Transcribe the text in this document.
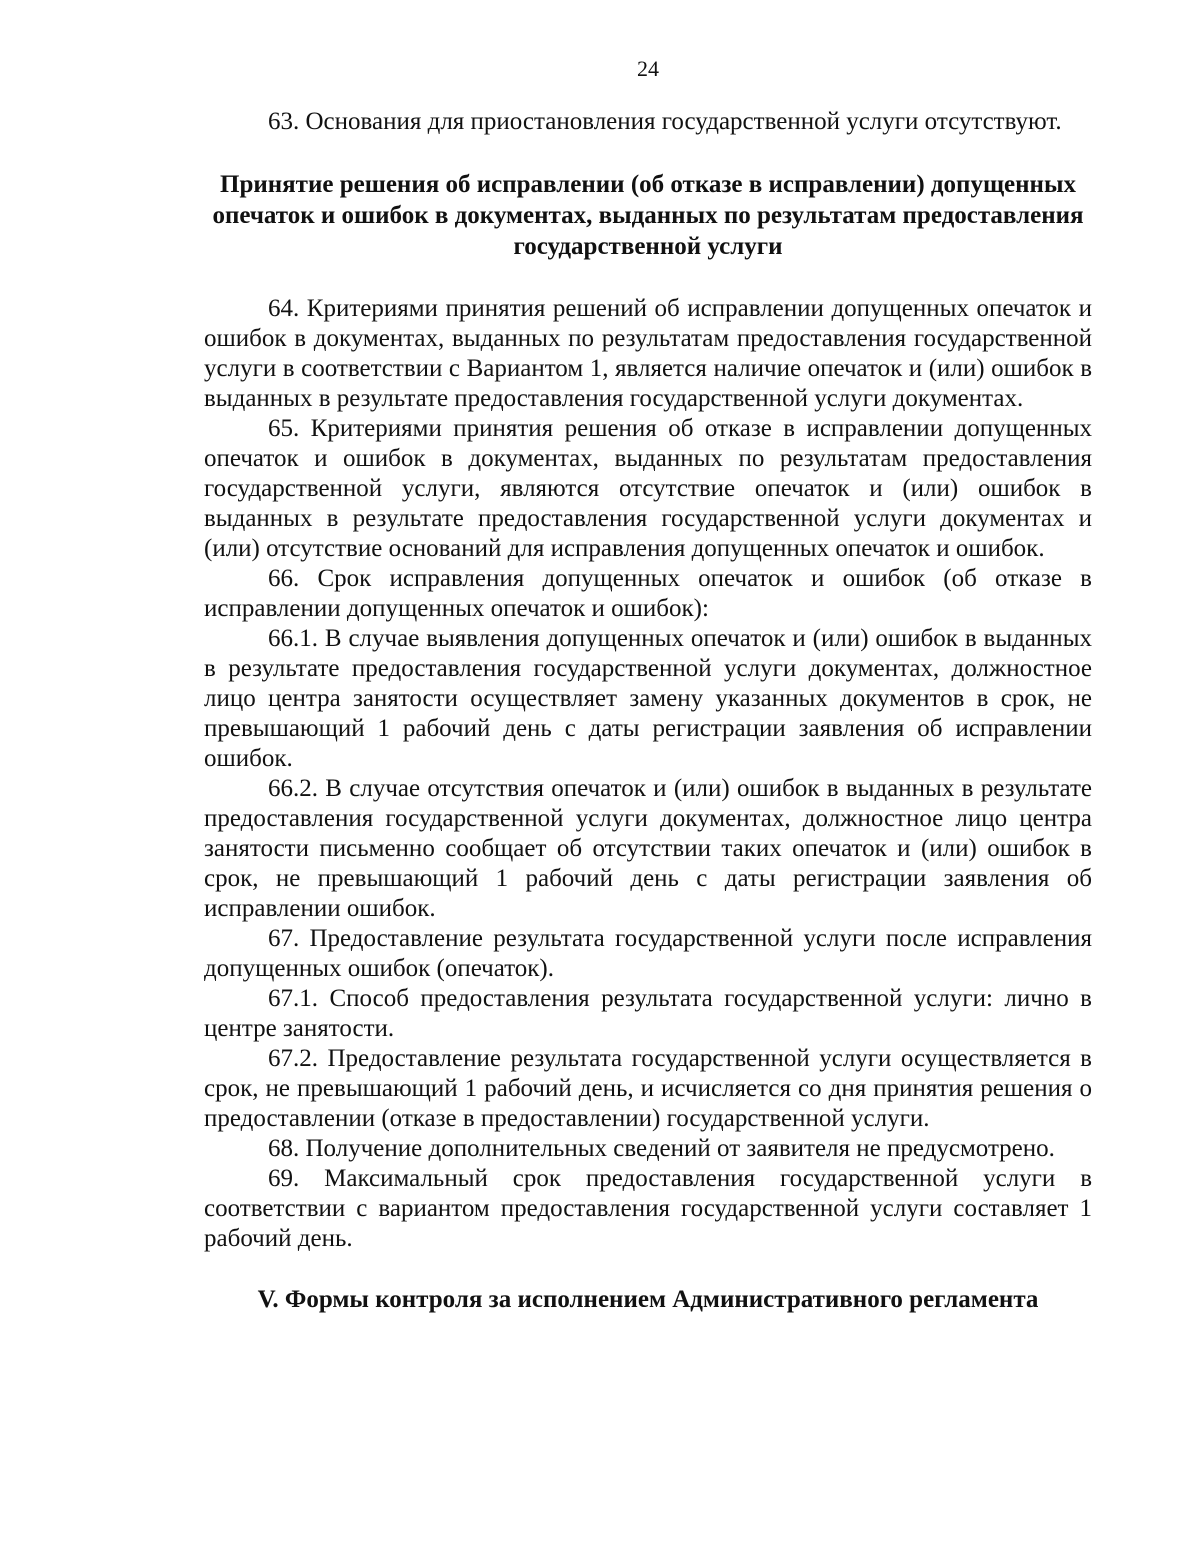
24

63. Основания для приостановления государственной услуги отсутствуют.

Принятие решения об исправлении (об отказе в исправлении) допущенных опечаток и ошибок в документах, выданных по результатам предоставления государственной услуги

64. Критериями принятия решений об исправлении допущенных опечаток и ошибок в документах, выданных по результатам предоставления государственной услуги в соответствии с Вариантом 1, является наличие опечаток и (или) ошибок в выданных в результате предоставления государственной услуги документах.

65. Критериями принятия решения об отказе в исправлении допущенных опечаток и ошибок в документах, выданных по результатам предоставления государственной услуги, являются отсутствие опечаток и (или) ошибок в выданных в результате предоставления государственной услуги документах и (или) отсутствие оснований для исправления допущенных опечаток и ошибок.

66. Срок исправления допущенных опечаток и ошибок (об отказе в исправлении допущенных опечаток и ошибок):

66.1. В случае выявления допущенных опечаток и (или) ошибок в выданных в результате предоставления государственной услуги документах, должностное лицо центра занятости осуществляет замену указанных документов в срок, не превышающий 1 рабочий день с даты регистрации заявления об исправлении ошибок.

66.2. В случае отсутствия опечаток и (или) ошибок в выданных в результате предоставления государственной услуги документах, должностное лицо центра занятости письменно сообщает об отсутствии таких опечаток и (или) ошибок в срок, не превышающий 1 рабочий день с даты регистрации заявления об исправлении ошибок.

67. Предоставление результата государственной услуги после исправления допущенных ошибок (опечаток).

67.1. Способ предоставления результата государственной услуги: лично в центре занятости.

67.2. Предоставление результата государственной услуги осуществляется в срок, не превышающий 1 рабочий день, и исчисляется со дня принятия решения о предоставлении (отказе в предоставлении) государственной услуги.

68. Получение дополнительных сведений от заявителя не предусмотрено.

69. Максимальный срок предоставления государственной услуги в соответствии с вариантом предоставления государственной услуги составляет 1 рабочий день.

V. Формы контроля за исполнением Административного регламента
